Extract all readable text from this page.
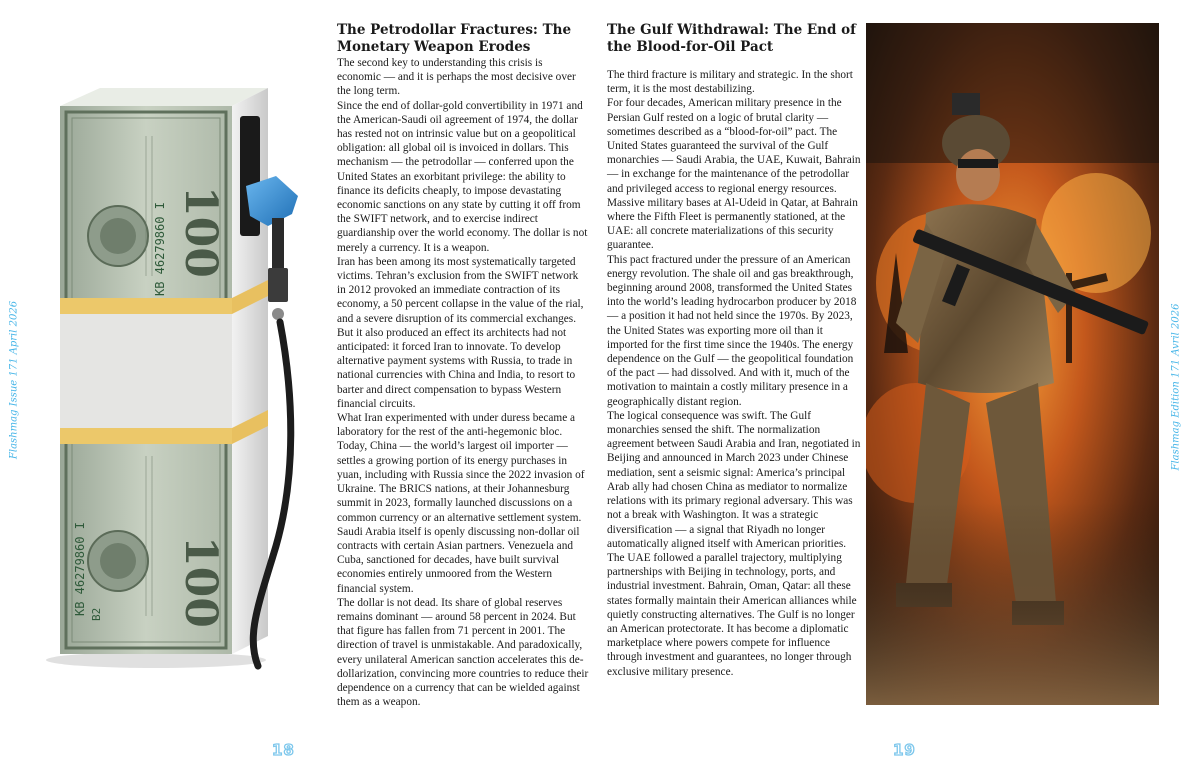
Flashmag Issue 171 April 2026
100
100
KB 46279860 I
KB 46279860 I B2
The Petrodollar Fractures: The Monetary Weapon Erodes

The second key to understanding this crisis is economic — and it is perhaps the most decisive over the long term.

Since the end of dollar-gold convertibility in 1971 and the American-Saudi oil agreement of 1974, the dollar has rested not on intrinsic value but on a geopolitical obligation: all global oil is invoiced in dollars. This mechanism — the petrodollar — conferred upon the United States an exorbitant privilege: the ability to finance its deficits cheaply, to impose devastating economic sanctions on any state by cutting it off from the SWIFT network, and to exercise indirect guardianship over the world economy. The dollar is not merely a currency. It is a weapon.

Iran has been among its most systematically targeted victims. Tehran’s exclusion from the SWIFT network in 2012 provoked an immediate contraction of its economy, a 50 percent collapse in the value of the rial, and a severe disruption of its commercial exchanges. But it also produced an effect its architects had not anticipated: it forced Iran to innovate. To develop alternative payment systems with Russia, to trade in national currencies with China and India, to resort to barter and direct compensation to bypass Western financial circuits.

What Iran experimented with under duress became a laboratory for the rest of the anti-hegemonic bloc. Today, China — the world’s largest oil importer — settles a growing portion of its energy purchases in yuan, including with Russia since the 2022 invasion of Ukraine. The BRICS nations, at their Johannesburg summit in 2023, formally launched discussions on a common currency or an alternative settlement system. Saudi Arabia itself is openly discussing non-dollar oil contracts with certain Asian partners. Venezuela and Cuba, sanctioned for decades, have built survival economies entirely unmoored from the Western financial system.

The dollar is not dead. Its share of global reserves remains dominant — around 58 percent in 2024. But that figure has fallen from 71 percent in 2001. The direction of travel is unmistakable. And paradoxically, every unilateral American sanction accelerates this de-dollarization, convincing more countries to reduce their dependence on a currency that can be wielded against them as a weapon.

18
The Gulf Withdrawal: The End of the Blood-for-Oil Pact

The third fracture is military and strategic. In the short term, it is the most destabilizing.

For four decades, American military presence in the Persian Gulf rested on a logic of brutal clarity — sometimes described as a “blood-for-oil” pact. The United States guaranteed the survival of the Gulf monarchies — Saudi Arabia, the UAE, Kuwait, Bahrain — in exchange for the maintenance of the petrodollar and privileged access to regional energy resources. Massive military bases at Al-Udeid in Qatar, at Bahrain where the Fifth Fleet is permanently stationed, at the UAE: all concrete materializations of this security guarantee.

This pact fractured under the pressure of an American energy revolution. The shale oil and gas breakthrough, beginning around 2008, transformed the United States into the world’s leading hydrocarbon producer by 2018 — a position it had not held since the 1970s. By 2023, the United States was exporting more oil than it imported for the first time since the 1940s. The energy dependence on the Gulf — the geopolitical foundation of the pact — had dissolved. And with it, much of the motivation to maintain a costly military presence in a geographically distant region.

The logical consequence was swift. The Gulf monarchies sensed the shift. The normalization agreement between Saudi Arabia and Iran, negotiated in Beijing and announced in March 2023 under Chinese mediation, sent a seismic signal: America’s principal Arab ally had chosen China as mediator to normalize relations with its primary regional adversary. This was not a break with Washington. It was a strategic diversification — a signal that Riyadh no longer automatically aligned itself with American priorities.

The UAE followed a parallel trajectory, multiplying partnerships with Beijing in technology, ports, and industrial investment. Bahrain, Oman, Qatar: all these states formally maintain their American alliances while quietly constructing alternatives. The Gulf is no longer an American protectorate. It has become a diplomatic marketplace where powers compete for influence through investment and guarantees, no longer through exclusive military presence.

Flashmag Edition 171 Avril 2026
19
